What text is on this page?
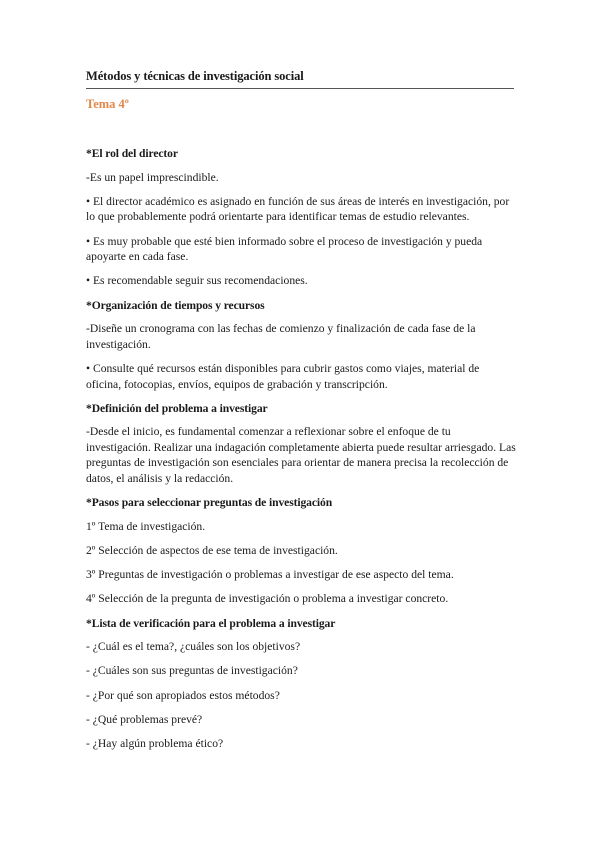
Métodos y técnicas de investigación social
Tema 4º

*El rol del director

-Es un papel imprescindible.

• El director académico es asignado en función de sus áreas de interés en investigación, por lo que probablemente podrá orientarte para identificar temas de estudio relevantes.

• Es muy probable que esté bien informado sobre el proceso de investigación y pueda apoyarte en cada fase.

• Es recomendable seguir sus recomendaciones.

*Organización de tiempos y recursos

-Diseñe un cronograma con las fechas de comienzo y finalización de cada fase de la investigación.

• Consulte qué recursos están disponibles para cubrir gastos como viajes, material de oficina, fotocopias, envíos, equipos de grabación y transcripción.

*Definición del problema a investigar

-Desde el inicio, es fundamental comenzar a reflexionar sobre el enfoque de tu investigación. Realizar una indagación completamente abierta puede resultar arriesgado. Las preguntas de investigación son esenciales para orientar de manera precisa la recolección de datos, el análisis y la redacción.

*Pasos para seleccionar preguntas de investigación

1º Tema de investigación.

2º Selección de aspectos de ese tema de investigación.

3º Preguntas de investigación o problemas a investigar de ese aspecto del tema.

4º Selección de la pregunta de investigación o problema a investigar concreto.

*Lista de verificación para el problema a investigar

- ¿Cuál es el tema?, ¿cuáles son los objetivos?

- ¿Cuáles son sus preguntas de investigación?

- ¿Por qué son apropiados estos métodos?

- ¿Qué problemas prevé?

- ¿Hay algún problema ético?
